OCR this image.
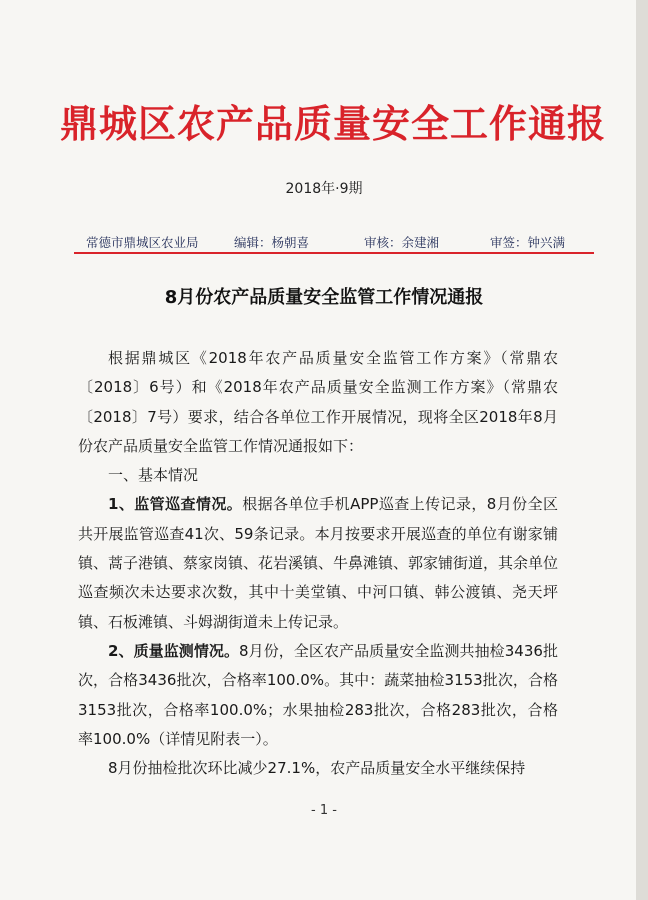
鼎城区农产品质量安全工作通报
2018年·9期
常德市鼎城区农业局	编辑：杨朝喜	审核：余建湘	审签：钟兴满
8月份农产品质量安全监管工作情况通报

根据鼎城区《2018年农产品质量安全监管工作方案》（常鼎农〔2018〕6号）和《2018年农产品质量安全监测工作方案》（常鼎农〔2018〕7号）要求，结合各单位工作开展情况，现将全区2018年8月份农产品质量安全监管工作情况通报如下：

一、基本情况

1、监管巡查情况。根据各单位手机APP巡查上传记录，8月份全区共开展监管巡查41次、59条记录。本月按要求开展巡查的单位有谢家铺镇、蒿子港镇、蔡家岗镇、花岩溪镇、牛鼻滩镇、郭家铺街道，其余单位巡查频次未达要求次数，其中十美堂镇、中河口镇、韩公渡镇、尧天坪镇、石板滩镇、斗姆湖街道未上传记录。

2、质量监测情况。8月份，全区农产品质量安全监测共抽检3436批次，合格3436批次，合格率100.0%。其中：蔬菜抽检3153批次，合格3153批次，合格率100.0%；水果抽检283批次，合格283批次，合格率100.0%（详情见附表一）。

8月份抽检批次环比减少27.1%，农产品质量安全水平继续保持

- 1 -
